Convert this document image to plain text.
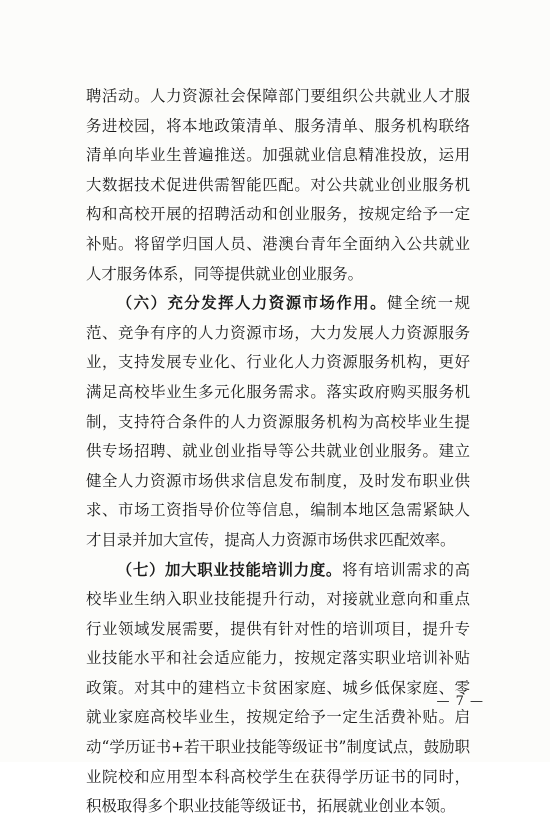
聘活动。人力资源社会保障部门要组织公共就业人才服务进校园，将本地政策清单、服务清单、服务机构联络清单向毕业生普遍推送。加强就业信息精准投放，运用大数据技术促进供需智能匹配。对公共就业创业服务机构和高校开展的招聘活动和创业服务，按规定给予一定补贴。将留学归国人员、港澳台青年全面纳入公共就业人才服务体系，同等提供就业创业服务。

（六）充分发挥人力资源市场作用。健全统一规范、竞争有序的人力资源市场，大力发展人力资源服务业，支持发展专业化、行业化人力资源服务机构，更好满足高校毕业生多元化服务需求。落实政府购买服务机制，支持符合条件的人力资源服务机构为高校毕业生提供专场招聘、就业创业指导等公共就业创业服务。建立健全人力资源市场供求信息发布制度，及时发布职业供求、市场工资指导价位等信息，编制本地区急需紧缺人才目录并加大宣传，提高人力资源市场供求匹配效率。

（七）加大职业技能培训力度。将有培训需求的高校毕业生纳入职业技能提升行动，对接就业意向和重点行业领域发展需要，提供有针对性的培训项目，提升专业技能水平和社会适应能力，按规定落实职业培训补贴政策。对其中的建档立卡贫困家庭、城乡低保家庭、零就业家庭高校毕业生，按规定给予一定生活费补贴。启动“学历证书+若干职业技能等级证书”制度试点，鼓励职业院校和应用型本科高校学生在获得学历证书的同时，积极取得多个职业技能等级证书，拓展就业创业本领。

— 7 —
